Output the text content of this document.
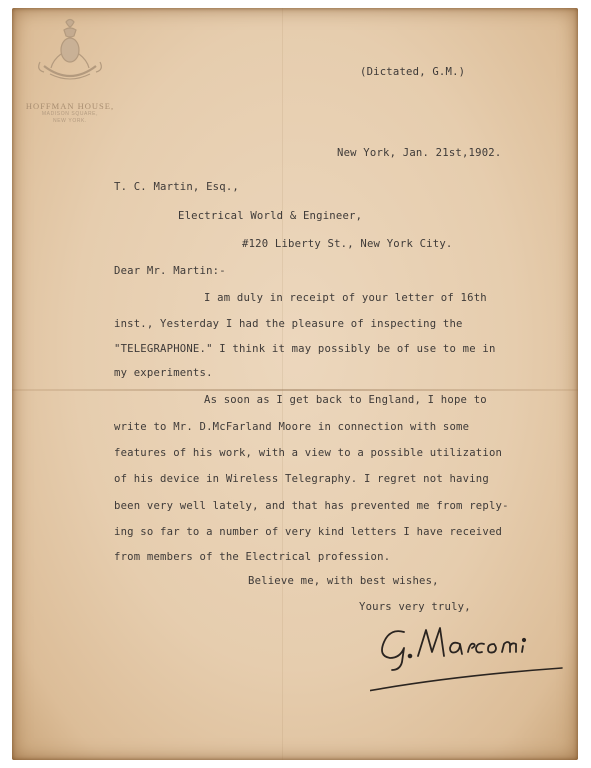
HOFFMAN HOUSE,
MADISON SQUARE,
NEW YORK.
(Dictated, G.M.)
New York, Jan. 21st,1902.
T. C. Martin, Esq.,
Electrical World & Engineer,
#120 Liberty St., New York City.
Dear Mr. Martin:-
I am duly in receipt of your letter of 16th
inst., Yesterday I had the pleasure of inspecting the
"TELEGRAPHONE." I think it may possibly be of use to me in
my experiments.
As soon as I get back to England, I hope to
write to Mr. D.McFarland Moore in connection with some
features of his work, with a view to a possible utilization
of his device in Wireless Telegraphy. I regret not having
been very well lately, and that has prevented me from reply-
ing so far to a number of very kind letters I have received
from members of the Electrical profession.
Believe me, with best wishes,
Yours very truly,
